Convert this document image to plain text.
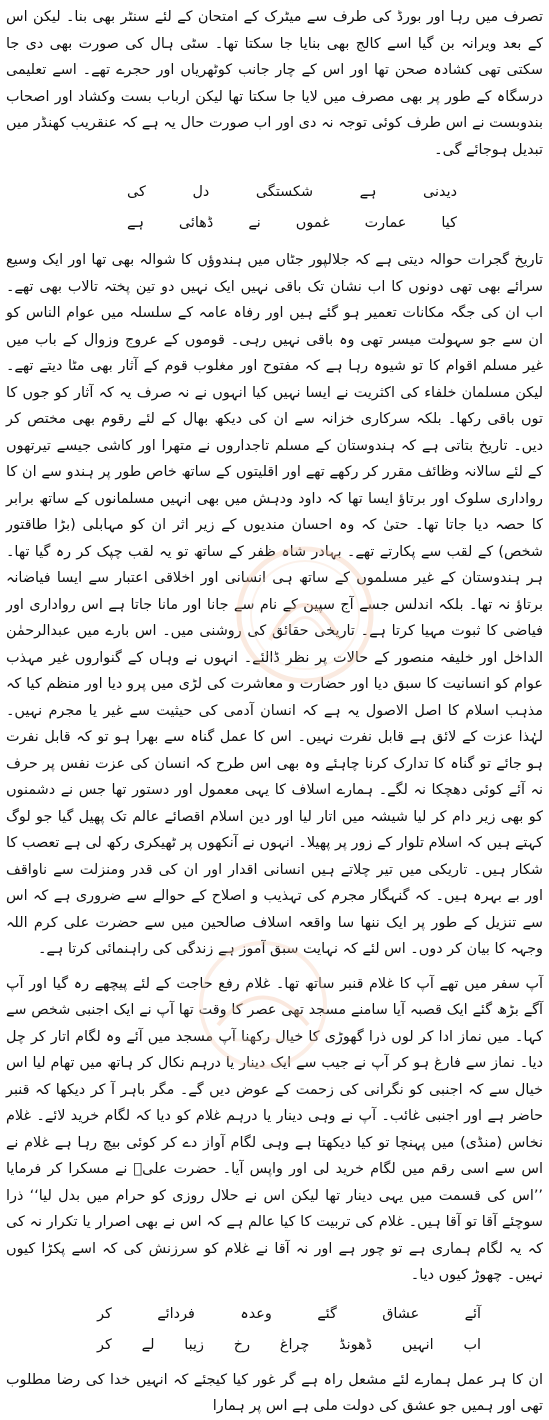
تصرف میں رہا اور بورڈ کی طرف سے میٹرک کے امتحان کے لئے سنٹر بھی بنا۔ لیکن اس کے بعد ویرانہ بن گیا اسے کالج بھی بنایا جا سکتا تھا۔ سٹی ہال کی صورت بھی دی جا سکتی تھی کشادہ صحن تھا اور اس کے چار جانب کوٹھریاں اور حجرے تھے۔ اسے تعلیمی درسگاہ کے طور پر بھی مصرف میں لایا جا سکتا تھا لیکن ارباب بست وکشاد اور اصحاب بندوبست نے اس طرف کوئی توجہ نہ دی اور اب صورت حال یہ ہے کہ عنقریب کھنڈر میں تبدیل ہوجائے گی۔

دیدنی
ہے
شکستگی
دل
کی
کیا
عمارت
غموں
نے
ڈھائی
ہے

تاریخ گجرات حوالہ دیتی ہے کہ جلالپور جٹاں میں ہندوؤں کا شوالہ بھی تھا اور ایک وسیع سرائے بھی تھی دونوں کا اب نشان تک باقی نہیں ایک نہیں دو تین پختہ تالاب بھی تھے۔ اب ان کی جگہ مکانات تعمیر ہو گئے ہیں اور رفاہ عامہ کے سلسلہ میں عوام الناس کو ان سے جو سہولت میسر تھی وہ باقی نہیں رہی۔ قوموں کے عروج وزوال کے باب میں غیر مسلم اقوام کا تو شیوہ رہا ہے کہ مفتوح اور مغلوب قوم کے آثار بھی مٹا دیتے تھے۔ لیکن مسلمان خلفاء کی اکثریت نے ایسا نہیں کیا انہوں نے نہ صرف یہ کہ آثار کو جوں کا توں باقی رکھا۔ بلکہ سرکاری خزانہ سے ان کی دیکھ بھال کے لئے رقوم بھی مختص کر دیں۔ تاریخ بتاتی ہے کہ ہندوستان کے مسلم تاجداروں نے متھرا اور کاشی جیسے تیرتھوں کے لئے سالانہ وظائف مقرر کر رکھے تھے اور اقلیتوں کے ساتھ خاص طور پر ہندو سے ان کا رواداری سلوک اور برتاؤ ایسا تھا کہ داود ودہش میں بھی انہیں مسلمانوں کے ساتھ برابر کا حصہ دیا جاتا تھا۔ حتیٰ کہ وہ احسان مندیوں کے زیر اثر ان کو مہابلی (بڑا طاقتور شخص) کے لقب سے پکارتے تھے۔ بہادر شاہ ظفر کے ساتھ تو یہ لقب چپک کر رہ گیا تھا۔ ہر ہندوستان کے غیر مسلموں کے ساتھ ہی انسانی اور اخلاقی اعتبار سے ایسا فیاضانہ برتاؤ نہ تھا۔ بلکہ اندلس جسے آج سپین کے نام سے جانا اور مانا جاتا ہے اس رواداری اور فیاضی کا ثبوت مہیا کرتا ہے۔ تاریخی حقائق کی روشنی میں۔ اس بارے میں عبدالرحمٰن الداخل اور خلیفہ منصور کے حالات پر نظر ڈالئے۔ انہوں نے وہاں کے گنواروں غیر مہذب عوام کو انسانیت کا سبق دیا اور حضارت و معاشرت کی لڑی میں پرو دیا اور منظم کیا کہ مذہب اسلام کا اصل الاصول یہ ہے کہ انسان آدمی کی حیثیت سے غیر یا مجرم نہیں۔ لہٰذا عزت کے لائق ہے قابل نفرت نہیں۔ اس کا عمل گناہ سے بھرا ہو تو کہ قابل نفرت ہو جائے تو گناہ کا تدارک کرنا چاہئے وہ بھی اس طرح کہ انسان کی عزت نفس پر حرف نہ آئے کوئی دھچکا نہ لگے۔ ہمارے اسلاف کا یہی معمول اور دستور تھا جس نے دشمنوں کو بھی زیر دام کر لیا شیشہ میں اتار لیا اور دین اسلام اقصائے عالم تک پھیل گیا جو لوگ کہتے ہیں کہ اسلام تلوار کے زور پر پھیلا۔ انہوں نے آنکھوں پر ٹھیکری رکھ لی ہے تعصب کا شکار ہیں۔ تاریکی میں تیر چلاتے ہیں انسانی اقدار اور ان کی قدر ومنزلت سے ناواقف اور بے بہرہ ہیں۔ کہ گنہگار مجرم کی تہذیب و اصلاح کے حوالے سے ضروری ہے کہ اس سے تنزیل کے طور پر ایک ننھا سا واقعہ اسلاف صالحین میں سے حضرت علی کرم اللہ وجہہ کا بیان کر دوں۔ اس لئے کہ نہایت سبق آموز ہے زندگی کی راہنمائی کرتا ہے۔

آپ سفر میں تھے آپ کا غلام قنبر ساتھ تھا۔ غلام رفع حاجت کے لئے پیچھے رہ گیا اور آپ آگے بڑھ گئے ایک قصبہ آیا سامنے مسجد تھی عصر کا وقت تھا آپ نے ایک اجنبی شخص سے کہا۔ میں نماز ادا کر لوں ذرا گھوڑی کا خیال رکھنا آپ مسجد میں آئے وہ لگام اتار کر چل دیا۔ نماز سے فارغ ہو کر آپ نے جیب سے ایک دینار یا درہم نکال کر ہاتھ میں تھام لیا اس خیال سے کہ اجنبی کو نگرانی کی زحمت کے عوض دیں گے۔ مگر باہر آ کر دیکھا کہ قنبر حاضر ہے اور اجنبی غائب۔ آپ نے وہی دینار یا درہم غلام کو دیا کہ لگام خرید لائے۔ غلام نخاس (منڈی) میں پہنچا تو کیا دیکھتا ہے وہی لگام آواز دے کر کوئی بیچ رہا ہے غلام نے اس سے اسی رقم میں لگام خرید لی اور واپس آیا۔ حضرت علیؓ نے مسکرا کر فرمایا ’’اس کی قسمت میں یہی دینار تھا لیکن اس نے حلال روزی کو حرام میں بدل لیا‘‘ ذرا سوچئے آقا تو آقا ہیں۔ غلام کی تربیت کا کیا عالم ہے کہ اس نے بھی اصرار یا تکرار نہ کی کہ یہ لگام ہماری ہے تو چور ہے اور نہ آقا نے غلام کو سرزنش کی کہ اسے پکڑا کیوں نہیں۔ چھوڑ کیوں دیا۔

آئے
عشاق
گئے
وعدہ
فردائے
کر
اب
انہیں
ڈھونڈ
چراغ
رخ
زیبا
لے
کر

ان کا ہر عمل ہمارے لئے مشعل راہ ہے گر غور کیا کیجئے کہ انہیں خدا کی رضا مطلوب تھی اور ہمیں جو عشق کی دولت ملی ہے اس پر ہمارا
